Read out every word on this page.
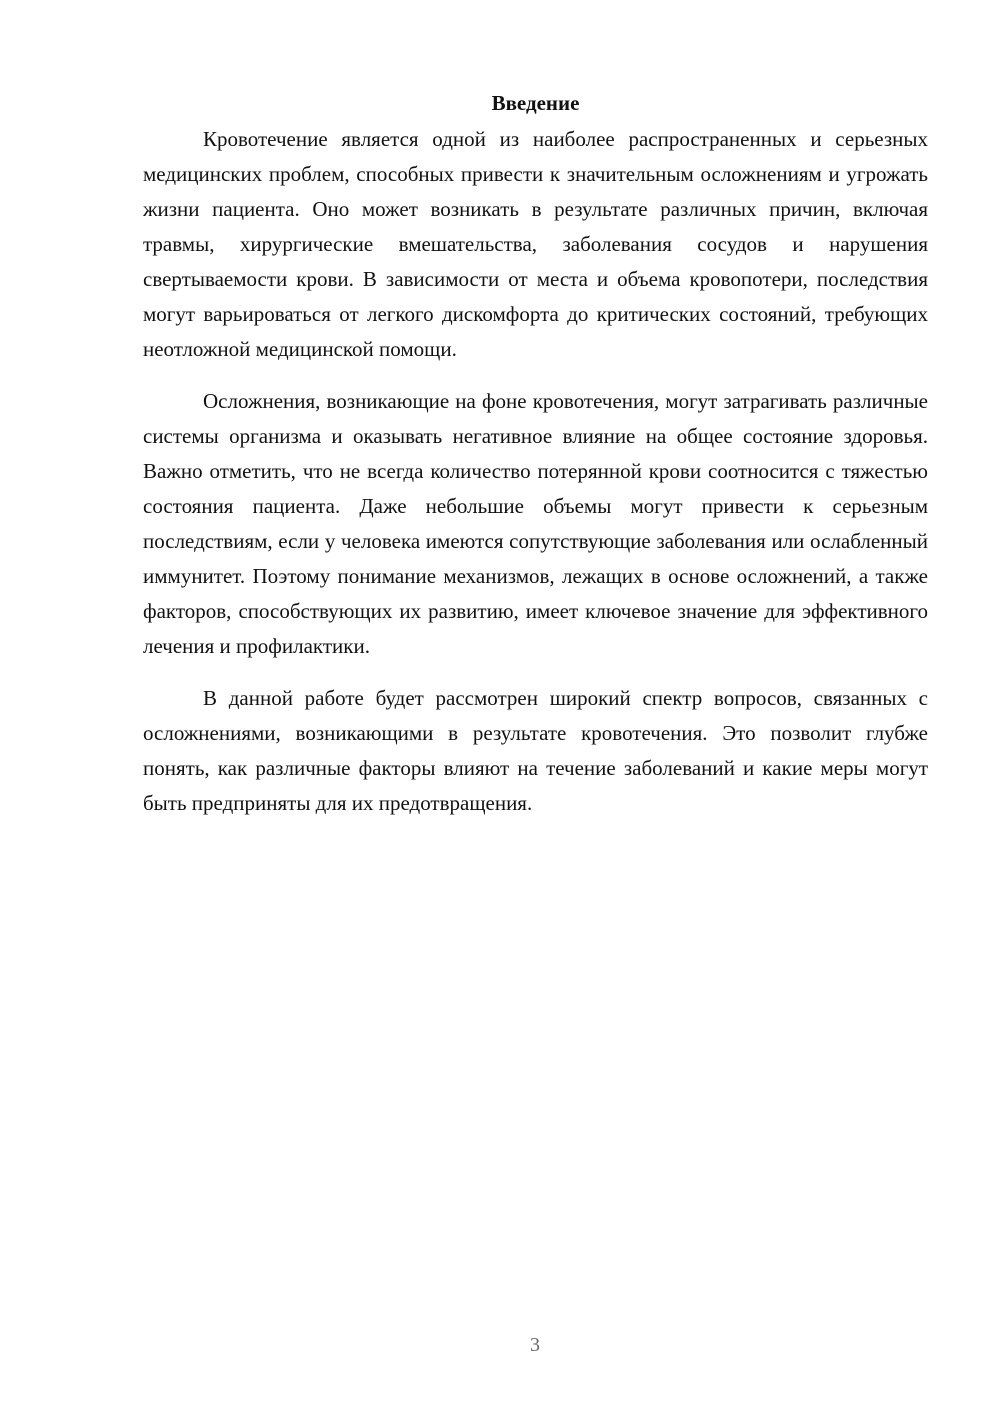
Введение

Кровотечение является одной из наиболее распространенных и серьезных медицинских проблем, способных привести к значительным осложнениям и угрожать жизни пациента. Оно может возникать в результате различных причин, включая травмы, хирургические вмешательства, заболевания сосудов и нарушения свертываемости крови. В зависимости от места и объема кровопотери, последствия могут варьироваться от легкого дискомфорта до критических состояний, требующих неотложной медицинской помощи.

Осложнения, возникающие на фоне кровотечения, могут затрагивать различные системы организма и оказывать негативное влияние на общее состояние здоровья. Важно отметить, что не всегда количество потерянной крови соотносится с тяжестью состояния пациента. Даже небольшие объемы могут привести к серьезным последствиям, если у человека имеются сопутствующие заболевания или ослабленный иммунитет. Поэтому понимание механизмов, лежащих в основе осложнений, а также факторов, способствующих их развитию, имеет ключевое значение для эффективного лечения и профилактики.

В данной работе будет рассмотрен широкий спектр вопросов, связанных с осложнениями, возникающими в результате кровотечения. Это позволит глубже понять, как различные факторы влияют на течение заболеваний и какие меры могут быть предприняты для их предотвращения.

3
